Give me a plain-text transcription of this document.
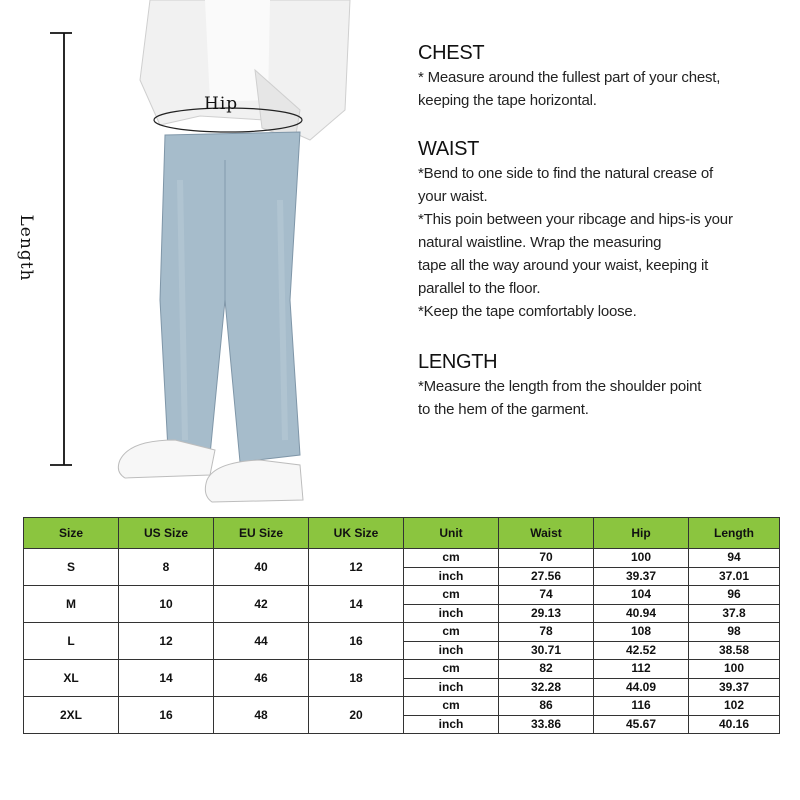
Length
Hip
CHEST

* Measure around the fullest part of your chest,

keeping the tape horizontal.

WAIST

*Bend to one side to find the natural crease of

your waist.

*This poin between your ribcage and hips-is your

natural waistline. Wrap the measuring

tape all the way around your waist, keeping it

parallel to the floor.

*Keep the tape comfortably loose.

LENGTH

*Measure the length from the shoulder point

to the hem of the garment.

Size	US Size	EU Size	UK Size	Unit	Waist	Hip	Length
S	8	40	12	cm	70	100	94
				inch	27.56	39.37	37.01
M	10	42	14	cm	74	104	96
				inch	29.13	40.94	37.8
L	12	44	16	cm	78	108	98
				inch	30.71	42.52	38.58
XL	14	46	18	cm	82	112	100
				inch	32.28	44.09	39.37
2XL	16	48	20	cm	86	116	102
				inch	33.86	45.67	40.16
